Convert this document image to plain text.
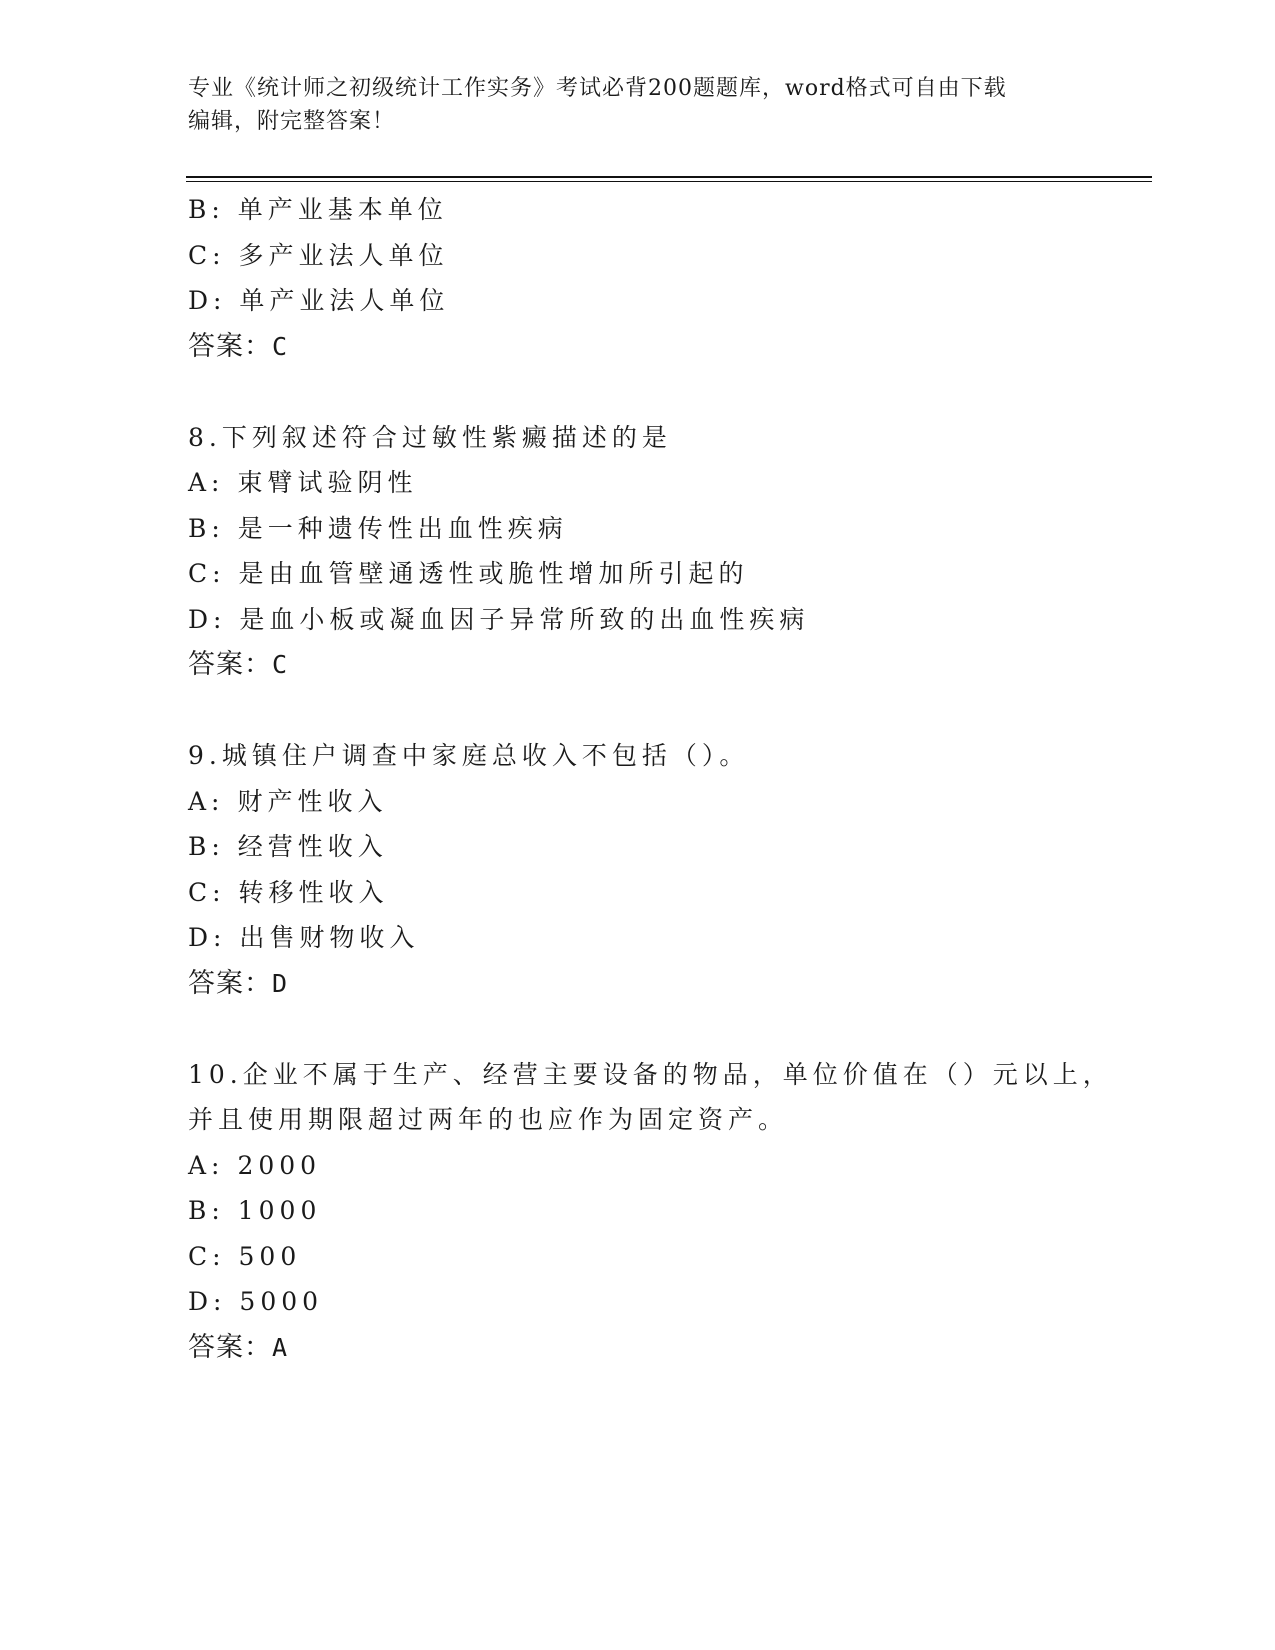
专业《统计师之初级统计工作实务》考试必背200题题库，word格式可自由下载
编辑，附完整答案！
B: 单产业基本单位
C: 多产业法人单位
D: 单产业法人单位
答案：C
8.下列叙述符合过敏性紫癜描述的是
A: 束臂试验阴性
B: 是一种遗传性出血性疾病
C: 是由血管壁通透性或脆性增加所引起的
D: 是血小板或凝血因子异常所致的出血性疾病
答案：C
9.城镇住户调查中家庭总收入不包括（）。
A: 财产性收入
B: 经营性收入
C: 转移性收入
D: 出售财物收入
答案：D
10.企业不属于生产、经营主要设备的物品，单位价值在（）元以上，
并且使用期限超过两年的也应作为固定资产。
A: 2000
B: 1000
C: 500
D: 5000
答案：A
